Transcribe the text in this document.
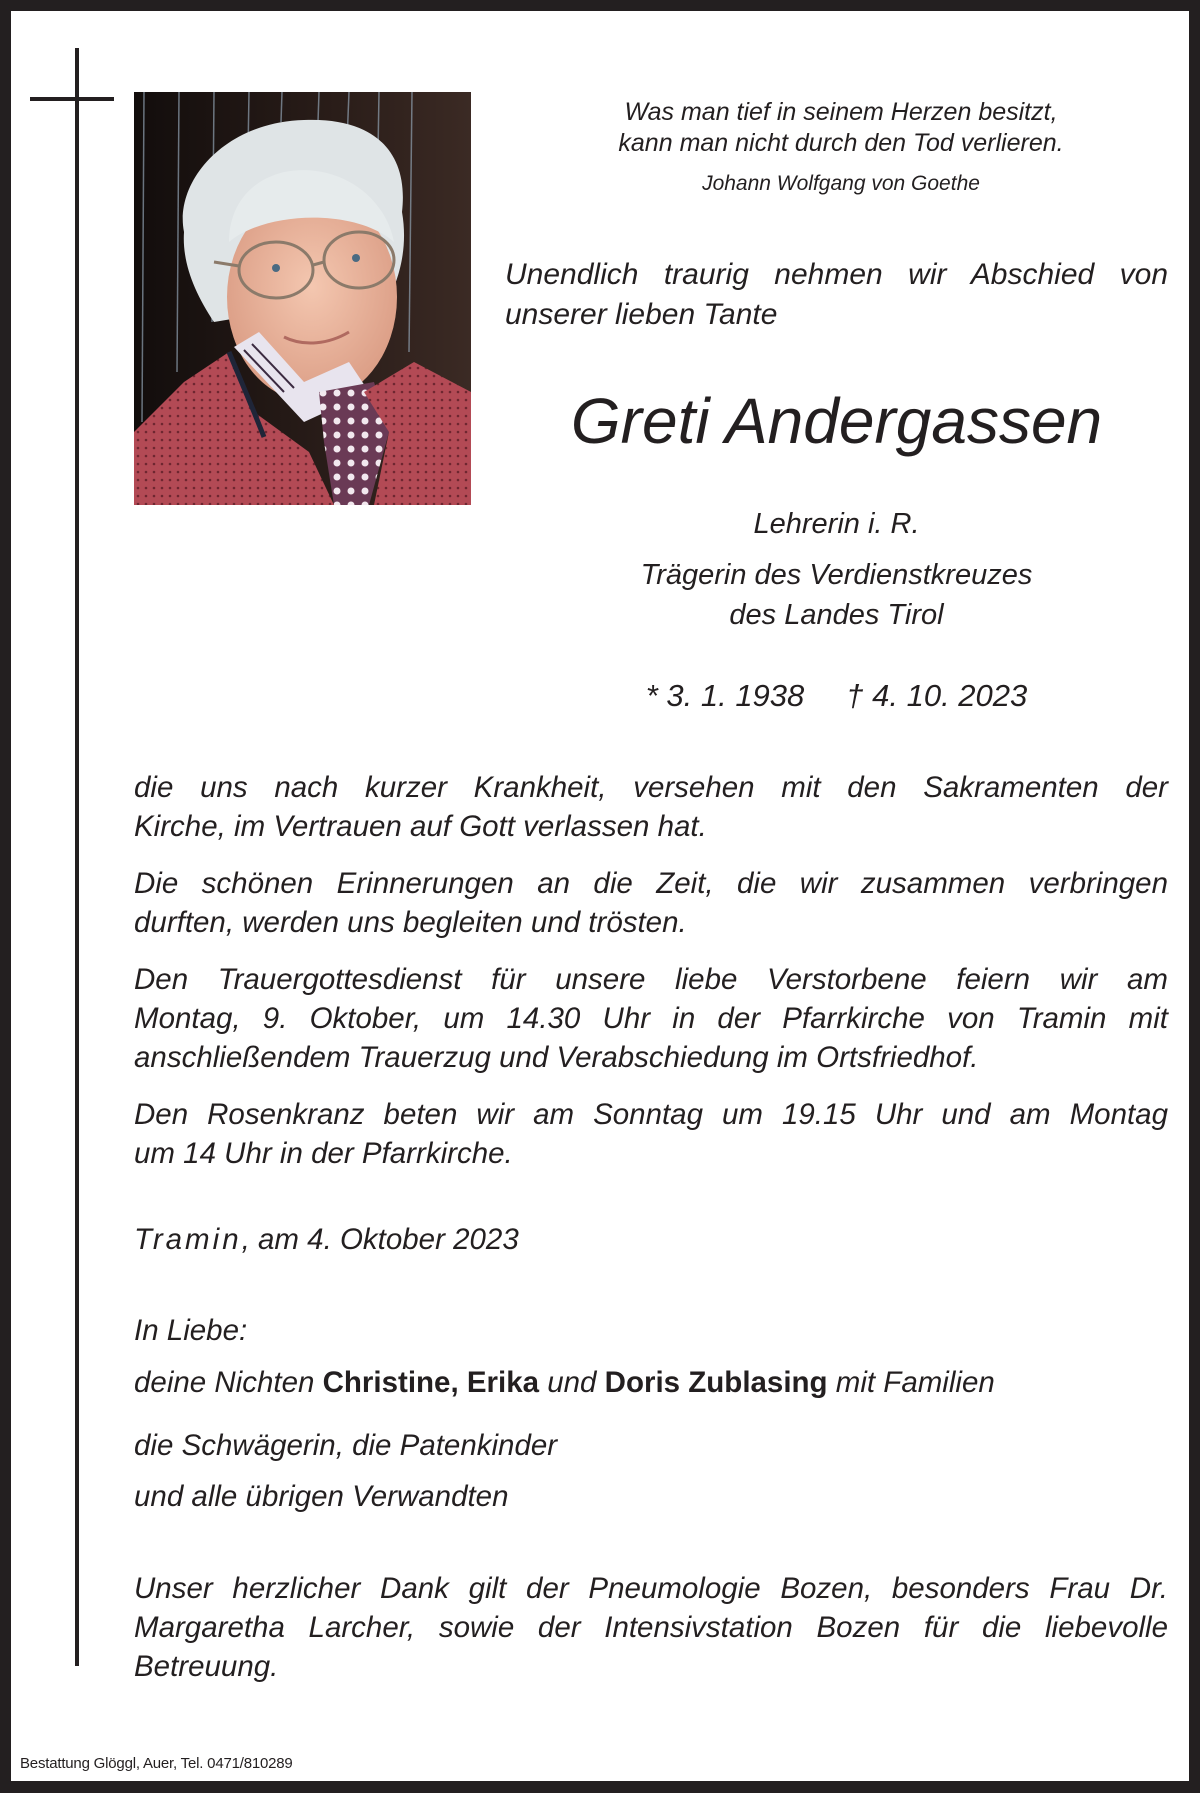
Was man tief in seinem Herzen besitzt,
kann man nicht durch den Tod verlieren.
Johann Wolfgang von Goethe
Unendlich traurig nehmen wir Abschied von
unserer lieben Tante
Greti Andergassen
Lehrerin i. R.
Trägerin des Verdienstkreuzes
des Landes Tirol
* 3. 1. 1938 † 4. 10. 2023
die uns nach kurzer Krankheit, versehen mit den Sakramenten der
Kirche, im Vertrauen auf Gott verlassen hat.
Die schönen Erinnerungen an die Zeit, die wir zusammen verbringen
durften, werden uns begleiten und trösten.
Den Trauergottesdienst für unsere liebe Verstorbene feiern wir am
Montag, 9. Oktober, um 14.30 Uhr in der Pfarrkirche von Tramin mit
anschließendem Trauerzug und Verabschiedung im Ortsfriedhof.
Den Rosenkranz beten wir am Sonntag um 19.15 Uhr und am Montag
um 14 Uhr in der Pfarrkirche.
Tramin, am 4. Oktober 2023
In Liebe:
deine Nichten Christine, Erika und Doris Zublasing mit Familien
die Schwägerin, die Patenkinder
und alle übrigen Verwandten
Unser herzlicher Dank gilt der Pneumologie Bozen, besonders Frau Dr.
Margaretha Larcher, sowie der Intensivstation Bozen für die liebevolle
Betreuung.
Bestattung Glöggl, Auer, Tel. 0471/810289
